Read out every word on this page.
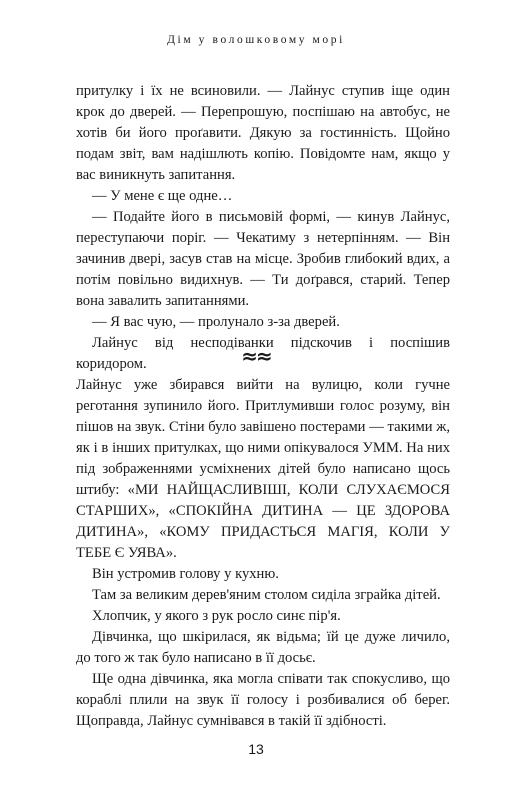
Дім у волошковому морі

притулку і їх не всиновили. — Лайнус ступив іще один крок до дверей. — Перепрошую, поспішаю на автобус, не хотів би його проґавити. Дякую за гостинність. Щойно подам звіт, вам надішлють копію. Повідомте нам, якщо у вас виникнуть запитання.

— У мене є ще одне…

— Подайте його в письмовій формі, — кинув Лайнус, переступаючи поріг. — Чекатиму з нетерпінням. — Він зачинив двері, засув став на місце. Зробив глибокий вдих, а потім повільно видихнув. — Ти доґрався, старий. Тепер вона завалить запитаннями.

— Я вас чую, — пролунало з-за дверей.

Лайнус від несподіванки підскочив і поспішив коридором.	≈≈

Лайнус уже збирався вийти на вулицю, коли гучне реготання зупинило його. Притлумивши голос розуму, він пішов на звук. Стіни було завішено постерами — такими ж, як і в інших притулках, що ними опікувалося УММ. На них під зображеннями усміхнених дітей було написано щось штибу: «МИ НАЙЩАСЛИВІШІ, КОЛИ СЛУХАЄМОСЯ СТАРШИХ», «СПОКІЙНА ДИТИНА — ЦЕ ЗДОРОВА ДИТИНА», «КОМУ ПРИДАСТЬСЯ МАГІЯ, КОЛИ У ТЕБЕ Є УЯВА».

Він устромив голову у кухню.

Там за великим дерев'яним столом сиділа зграйка дітей.

Хлопчик, у якого з рук росло синє пір'я.

Дівчинка, що шкірилася, як відьма; їй це дуже личило, до того ж так було написано в її досьє.

Ще одна дівчинка, яка могла співати так спокусливо, що кораблі плили на звук її голосу і розбивалися об берег. Щоправда, Лайнус сумнівався в такій її здібності.

13
